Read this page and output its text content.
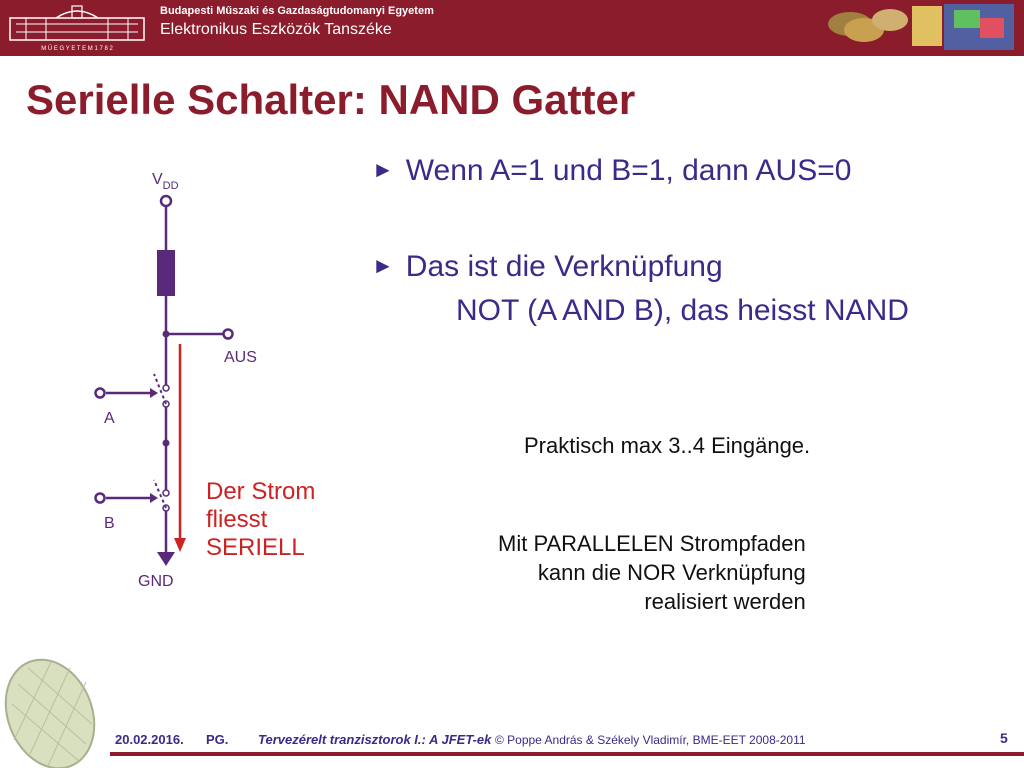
M Ű E G Y E T E M 1 7 8 2
Budapesti Műszaki és Gazdaságtudomanyi Egyetem
Elektronikus Eszközök Tanszéke
Serielle Schalter: NAND Gatter
► Wenn A=1 und B=1, dann AUS=0
► Das ist die Verknüpfung
NOT (A AND B), das heisst NAND
Praktisch max 3..4 Eingänge.
Mit PARALLELEN Strompfaden
kann die NOR Verknüpfung
realisiert werden
$V_{DD}$
AUS
A
B
GND
Der Strom
fliesst
SERIELL
20.02.2016. PG. Tervezérelt tranzisztorok I.: A JFET-ek © Poppe András & Székely Vladimír, BME-EET 2008-2011	5
